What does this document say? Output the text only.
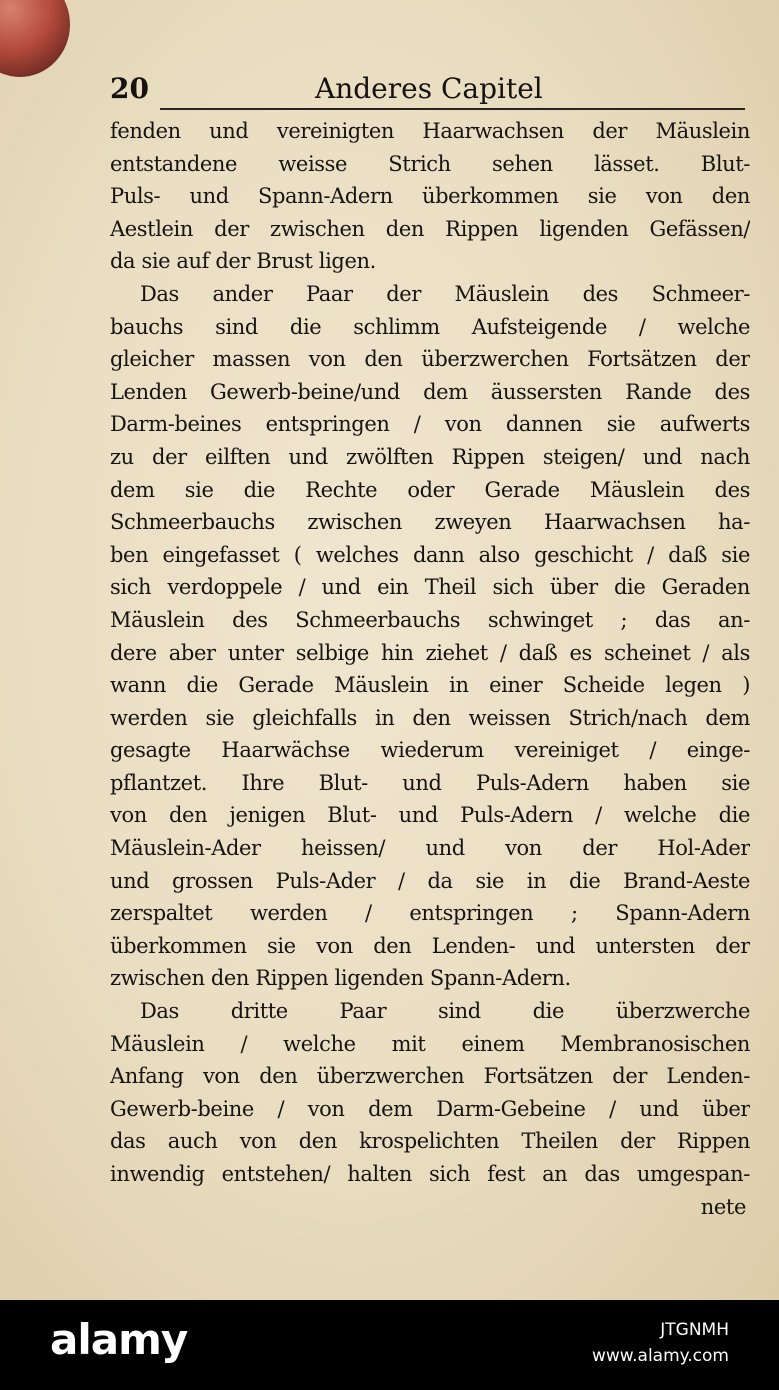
20	Anderes Capitel
fenden und vereinigten Haarwachsen der Mäuslein
entstandene weisse Strich sehen lässet. Blut-
Puls- und Spann-Adern überkommen sie von den
Aestlein der zwischen den Rippen ligenden Gefässen/
da sie auf der Brust ligen.
Das ander Paar der Mäuslein des Schmeer-
bauchs sind die schlimm Aufsteigende / welche
gleicher massen von den überzwerchen Fortsätzen der
Lenden Gewerb-beine/und dem äussersten Rande des
Darm-beines entspringen / von dannen sie aufwerts
zu der eilften und zwölften Rippen steigen/ und nach
dem sie die Rechte oder Gerade Mäuslein des
Schmeerbauchs zwischen zweyen Haarwachsen ha-
ben eingefasset ( welches dann also geschicht / daß sie
sich verdoppele / und ein Theil sich über die Geraden
Mäuslein des Schmeerbauchs schwinget ; das an-
dere aber unter selbige hin ziehet / daß es scheinet / als
wann die Gerade Mäuslein in einer Scheide legen )
werden sie gleichfalls in den weissen Strich/nach dem
gesagte Haarwächse wiederum vereiniget / einge-
pflantzet. Ihre Blut- und Puls-Adern haben sie
von den jenigen Blut- und Puls-Adern / welche die
Mäuslein-Ader heissen/ und von der Hol-Ader
und grossen Puls-Ader / da sie in die Brand-Aeste
zerspaltet werden / entspringen ; Spann-Adern
überkommen sie von den Lenden- und untersten der
zwischen den Rippen ligenden Spann-Adern.
Das dritte Paar sind die überzwerche
Mäuslein / welche mit einem Membranosischen
Anfang von den überzwerchen Fortsätzen der Lenden-
Gewerb-beine / von dem Darm-Gebeine / und über
das auch von den krospelichten Theilen der Rippen
inwendig entstehen/ halten sich fest an das umgespan-
nete
alamy	JTGNMH
www.alamy.com
